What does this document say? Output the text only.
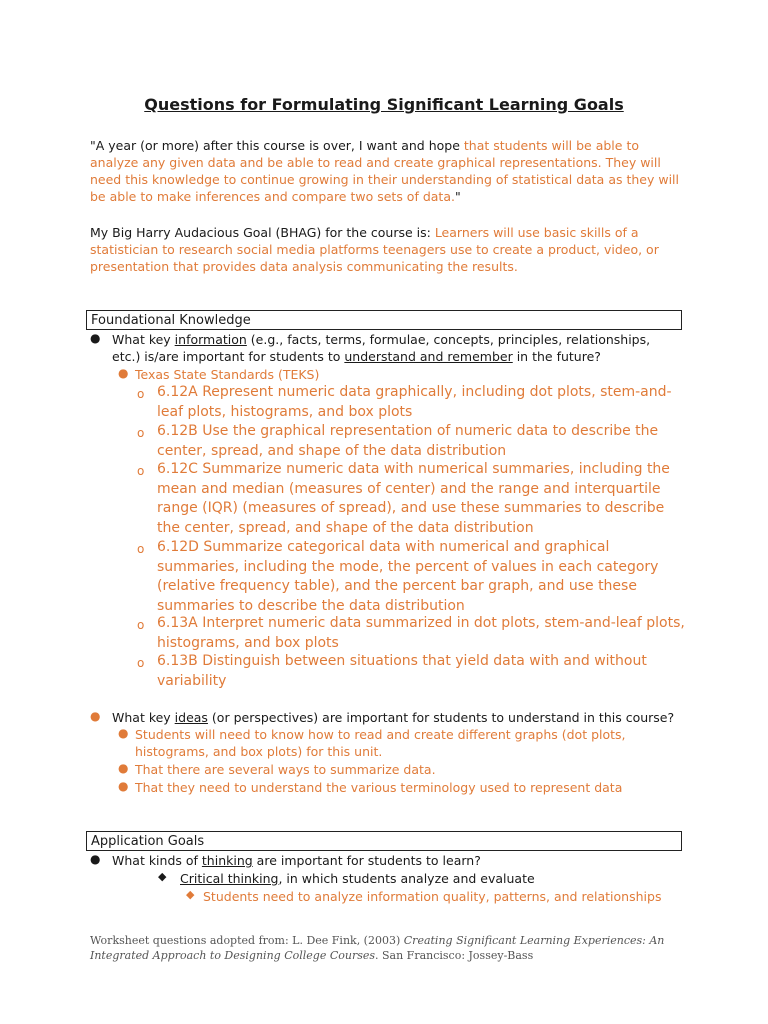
Questions for Formulating Significant Learning Goals
"A year (or more) after this course is over, I want and hope that students will be able to analyze any given data and be able to read and create graphical representations. They will need this knowledge to continue growing in their understanding of statistical data as they will be able to make inferences and compare two sets of data."
My Big Harry Audacious Goal (BHAG) for the course is: Learners will use basic skills of a statistician to research social media platforms teenagers use to create a product, video, or presentation that provides data analysis communicating the results.
Foundational Knowledge
● What key information (e.g., facts, terms, formulae, concepts, principles, relationships, etc.) is/are important for students to understand and remember in the future?
● Texas State Standards (TEKS)
o 6.12A Represent numeric data graphically, including dot plots, stem-and-leaf plots, histograms, and box plots
o 6.12B Use the graphical representation of numeric data to describe the center, spread, and shape of the data distribution
o 6.12C Summarize numeric data with numerical summaries, including the mean and median (measures of center) and the range and interquartile range (IQR) (measures of spread), and use these summaries to describe the center, spread, and shape of the data distribution
o 6.12D Summarize categorical data with numerical and graphical summaries, including the mode, the percent of values in each category (relative frequency table), and the percent bar graph, and use these summaries to describe the data distribution
o 6.13A Interpret numeric data summarized in dot plots, stem-and-leaf plots, histograms, and box plots
o 6.13B Distinguish between situations that yield data with and without variability
● What key ideas (or perspectives) are important for students to understand in this course?
● Students will need to know how to read and create different graphs (dot plots, histograms, and box plots) for this unit.
● That there are several ways to summarize data.
● That they need to understand the various terminology used to represent data
Application Goals
● What kinds of thinking are important for students to learn?
◆ Critical thinking, in which students analyze and evaluate
◆ Students need to analyze information quality, patterns, and relationships
Worksheet questions adopted from: L. Dee Fink, (2003) Creating Significant Learning Experiences: An Integrated Approach to Designing College Courses. San Francisco: Jossey-Bass
